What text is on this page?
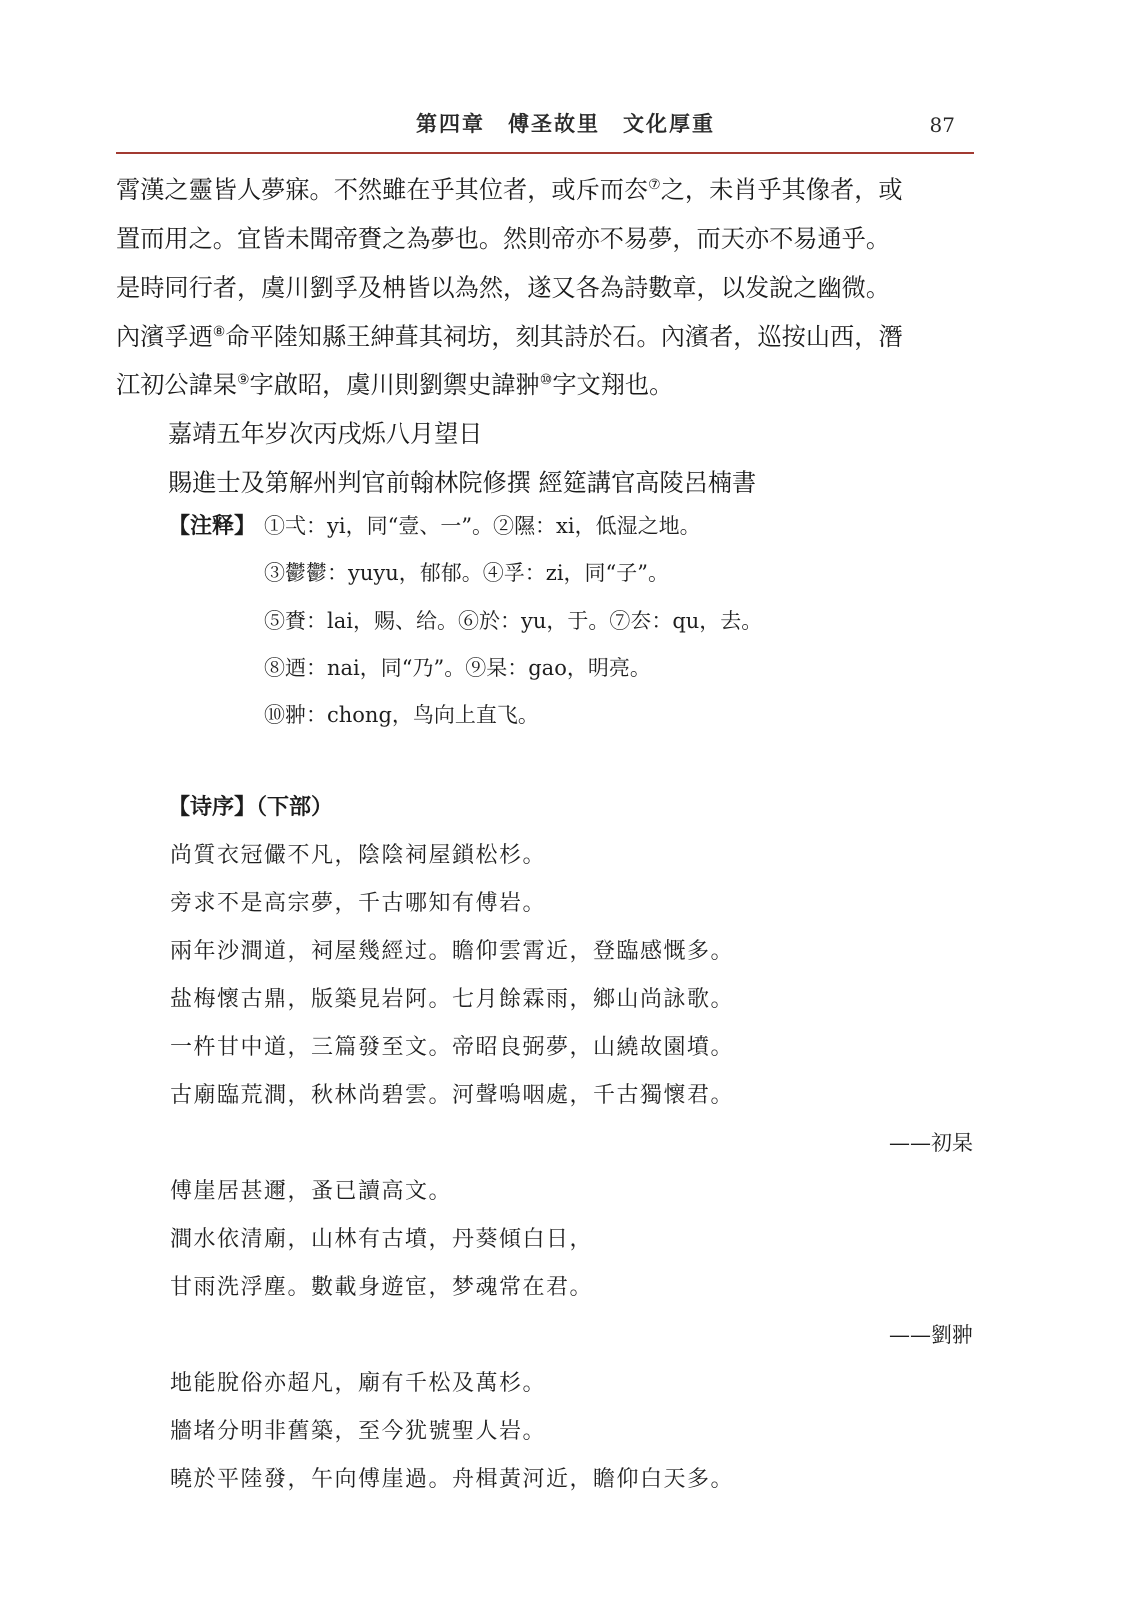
第四章　傅圣故里　文化厚重	87
霄漢之靈皆人夢寐。不然雖在乎其位者，或斥而厺⑦之，未肖乎其像者，或
置而用之。宜皆未聞帝賚之為夢也。然則帝亦不易夢，而天亦不易通乎。
是時同行者，虞川劉孚及柟皆以為然，遂又各為詩數章，以发說之幽微。
內濱孚迺⑧命平陸知縣王紳葺其祠坊，刻其詩於石。內濱者，巡按山西，潛
江初公諱杲⑨字啟昭，虞川則劉禦史諱翀⑩字文翔也。
嘉靖五年岁次丙戌烁八月望日
賜進士及第解州判官前翰林院修撰 經筵講官高陵呂楠書
【注释】 ①弌：yi，同“壹、一”。②隰：xi，低湿之地。
③鬱鬱：yuyu，郁郁。④孚：zi，同“子”。
⑤賚：lai，赐、给。⑥於：yu，于。⑦厺：qu，去。
⑧迺：nai，同“乃”。⑨杲：gao，明亮。
⑩翀：chong，鸟向上直飞。
【诗序】（下部）
尚質衣冠儼不凡，陰陰祠屋鎖松杉。
旁求不是高宗夢，千古哪知有傅岩。
兩年沙澗道，祠屋幾經过。瞻仰雲霄近，登臨感慨多。
盐梅懷古鼎，版築見岩阿。七月餘霖雨，鄉山尚詠歌。
一杵甘中道，三篇發至文。帝昭良弼夢，山繞故園墳。
古廟臨荒澗，秋林尚碧雲。河聲嗚咽處，千古獨懷君。
——初杲
傅崖居甚邇，蚤已讀高文。
澗水依清廟，山林有古墳，丹葵傾白日，
甘雨洗浮塵。數載身遊宦，梦魂常在君。
——劉翀
地能脫俗亦超凡，廟有千松及萬杉。
牆堵分明非舊築，至今犹號聖人岩。
曉於平陸發，午向傅崖過。舟楫黃河近，瞻仰白天多。
